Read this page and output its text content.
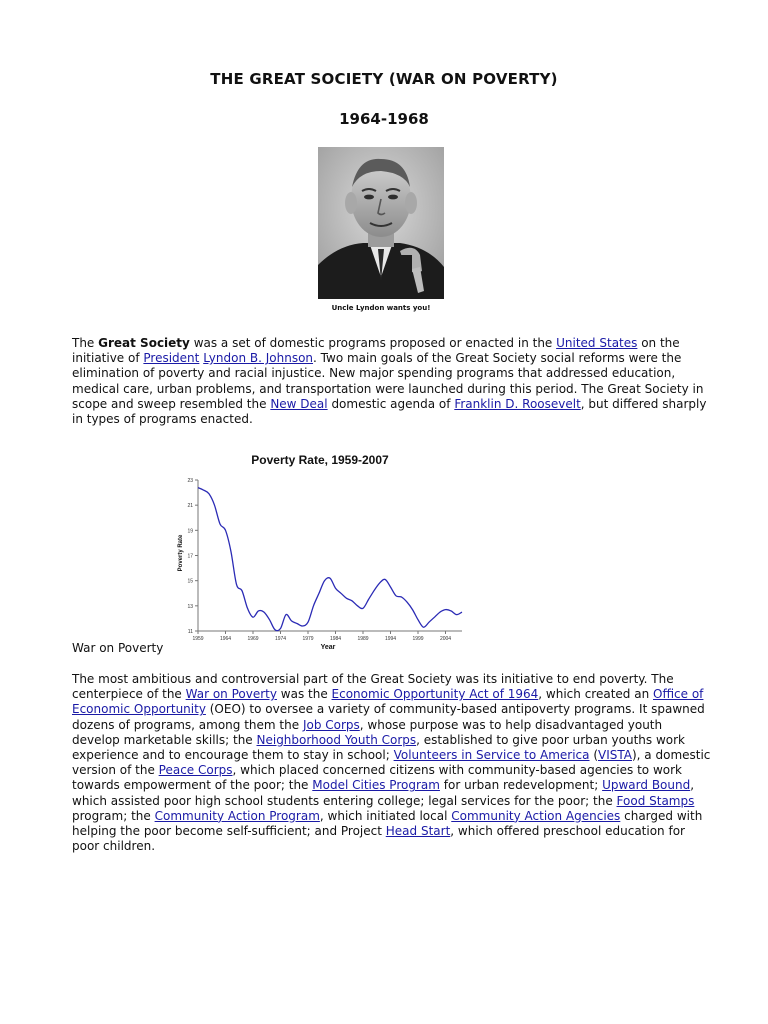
THE GREAT SOCIETY (WAR ON POVERTY)
1964-1968
Uncle Lyndon wants you!

The Great Society was a set of domestic programs proposed or enacted in the United States on the initiative of President Lyndon B. Johnson. Two main goals of the Great Society social reforms were the elimination of poverty and racial injustice. New major spending programs that addressed education, medical care, urban problems, and transportation were launched during this period. The Great Society in scope and sweep resembled the New Deal domestic agenda of Franklin D. Roosevelt, but differed sharply in types of programs enacted.

Poverty Rate, 1959-2007
11
13
15
17
19
21
23
1959	1964	1969	1974	1979	1984	1989	1994	1999	2004
Year
Poverty Rate
War on Poverty

The most ambitious and controversial part of the Great Society was its initiative to end poverty. The centerpiece of the War on Poverty was the Economic Opportunity Act of 1964, which created an Office of Economic Opportunity (OEO) to oversee a variety of community-based antipoverty programs. It spawned dozens of programs, among them the Job Corps, whose purpose was to help disadvantaged youth develop marketable skills; the Neighborhood Youth Corps, established to give poor urban youths work experience and to encourage them to stay in school; Volunteers in Service to America (VISTA), a domestic version of the Peace Corps, which placed concerned citizens with community-based agencies to work towards empowerment of the poor; the Model Cities Program for urban redevelopment; Upward Bound, which assisted poor high school students entering college; legal services for the poor; the Food Stamps program; the Community Action Program, which initiated local Community Action Agencies charged with helping the poor become self-sufficient; and Project Head Start, which offered preschool education for poor children.
